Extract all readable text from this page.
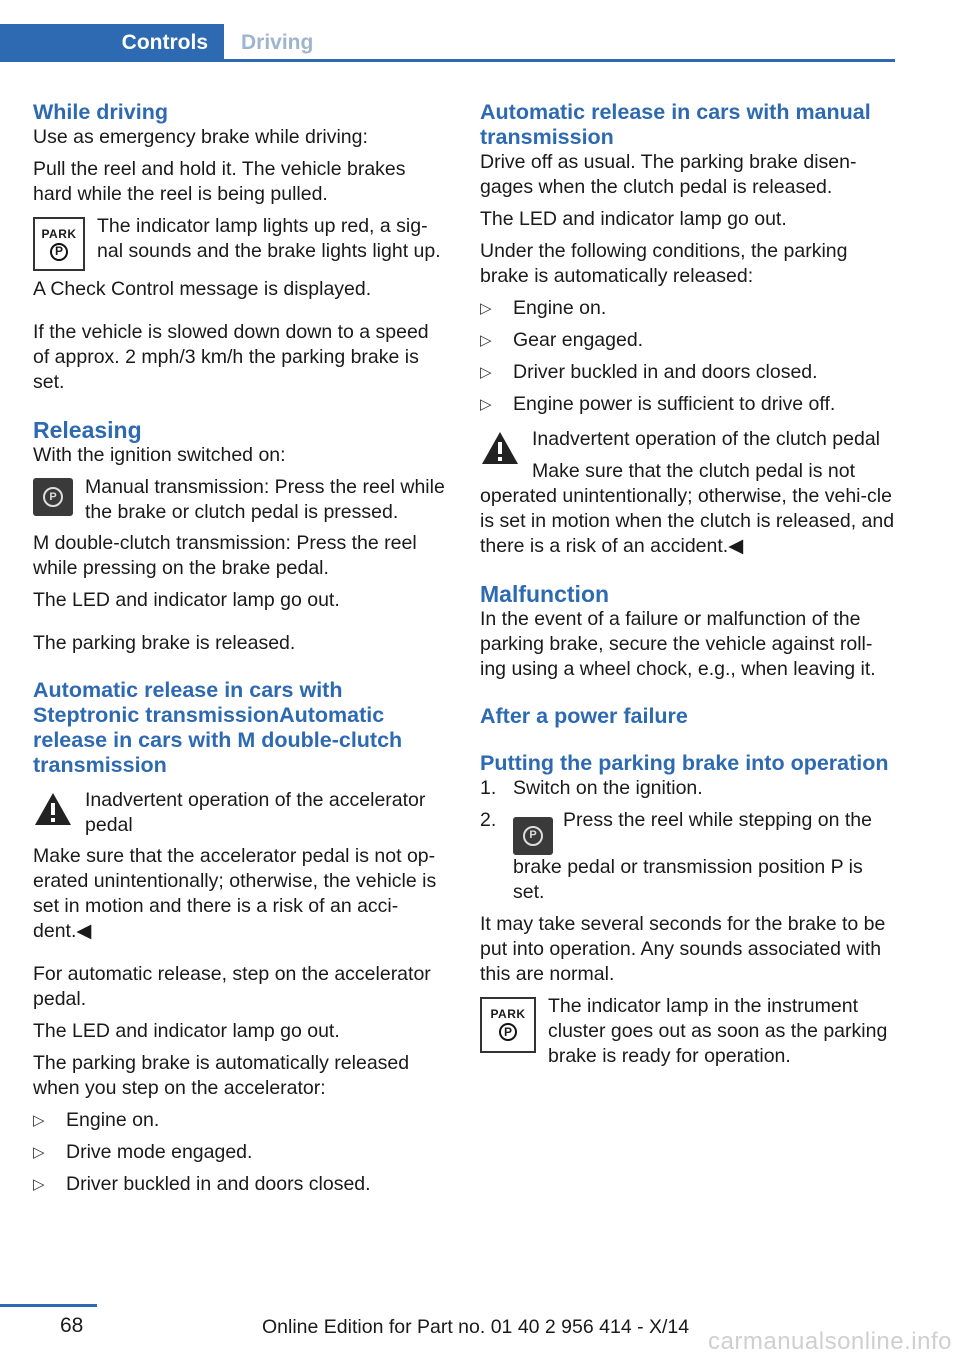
Controls Driving
While driving

Use as emergency brake while driving:

Pull the reel and hold it. The vehicle brakes hard while the reel is being pulled.

PARK
P

The indicator lamp lights up red, a sig‐nal sounds and the brake lights light up.

A Check Control message is displayed.

If the vehicle is slowed down down to a speed of approx. 2 mph/3 km/h the parking brake is set.

Releasing

With the ignition switched on:

P	Manual transmission: Press the reel while the brake or clutch pedal is pressed.

M double-clutch transmission: Press the reel while pressing on the brake pedal.

The LED and indicator lamp go out.

The parking brake is released.

Automatic release in cars with Steptronic transmissionAutomatic release in cars with M double-clutch transmission

Inadvertent operation of the accelerator pedal

Make sure that the accelerator pedal is not op‐erated unintentionally; otherwise, the vehicle is set in motion and there is a risk of an acci‐dent.◀

For automatic release, step on the accelerator pedal.

The LED and indicator lamp go out.

The parking brake is automatically released when you step on the accelerator:

▷ Engine on.
▷ Drive mode engaged.
▷ Driver buckled in and doors closed.
Automatic release in cars with manual transmission

Drive off as usual. The parking brake disen‐gages when the clutch pedal is released.

The LED and indicator lamp go out.

Under the following conditions, the parking brake is automatically released:

▷ Engine on.
▷ Gear engaged.
▷ Driver buckled in and doors closed.
▷ Engine power is sufficient to drive off.

Inadvertent operation of the clutch pedal

Make sure that the clutch pedal is not

operated unintentionally; otherwise, the vehi‐cle is set in motion when the clutch is released, and there is a risk of an accident.◀

Malfunction

In the event of a failure or malfunction of the parking brake, secure the vehicle against roll‐ing using a wheel chock, e.g., when leaving it.

After a power failure
Putting the parking brake into operation
1. Switch on the ignition.
2.
P
Press the reel while stepping on the brake pedal or transmission position P is set.

It may take several seconds for the brake to be put into operation. Any sounds associated with this are normal.

PARK
P

The indicator lamp in the instrument cluster goes out as soon as the parking brake is ready for operation.

68	Online Edition for Part no. 01 40 2 956 414 - X/14
carmanualsonline.info
